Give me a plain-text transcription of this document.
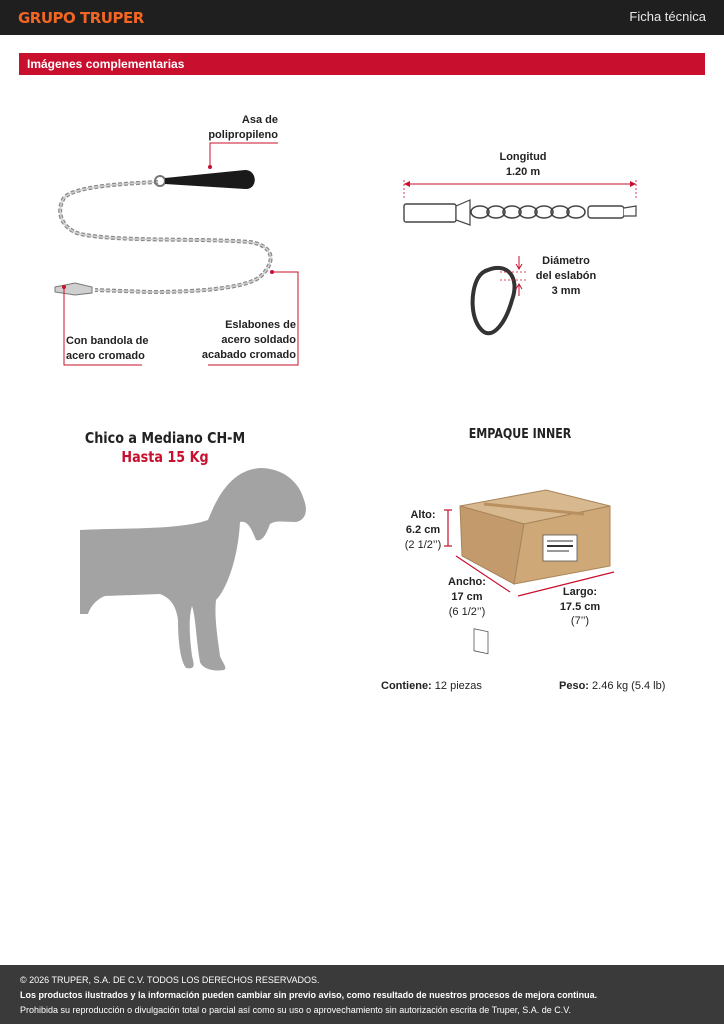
GRUPO TRUPER	Ficha técnica
Imágenes complementarias
Asa de
polipropileno
Con bandola de
acero cromado
Eslabones de
acero soldado
acabado cromado
Longitud
1.20 m
Diámetro
del eslabón
3 mm
Chico a Mediano CH-M
Hasta 15 Kg
EMPAQUE INNER
Alto:
6.2 cm
(2 1/2’’)
Ancho:
17 cm
(6 1/2’’)
Largo:
17.5 cm
(7’’)
Contiene: 12 piezas	Peso: 2.46 kg (5.4 lb)
© 2026 TRUPER, S.A. DE C.V. TODOS LOS DERECHOS RESERVADOS.
Los productos ilustrados y la información pueden cambiar sin previo aviso, como resultado de nuestros procesos de mejora continua.
Prohibida su reproducción o divulgación total o parcial así como su uso o aprovechamiento sin autorización escrita de Truper, S.A. de C.V.
